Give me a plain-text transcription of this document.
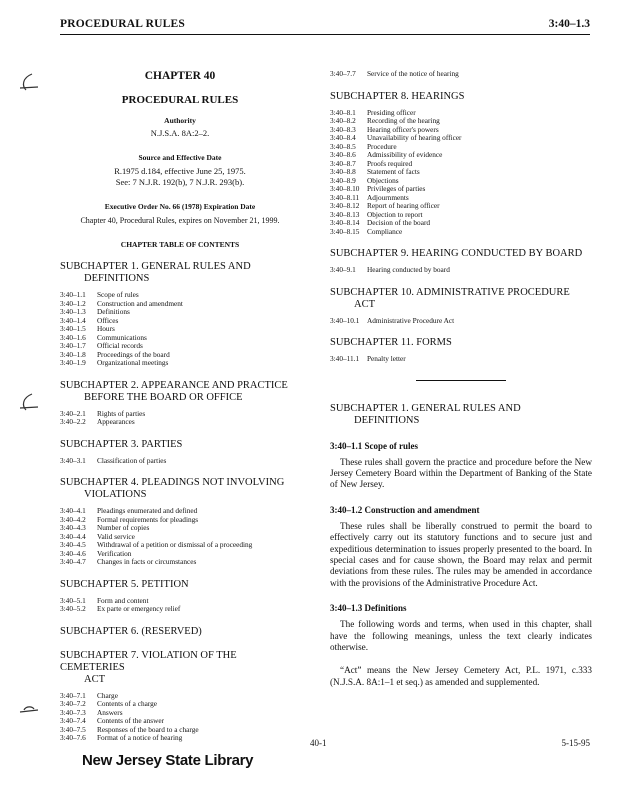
PROCEDURAL RULES	3:40–1.3
CHAPTER 40
PROCEDURAL RULES
Authority
N.J.S.A. 8A:2–2.
Source and Effective Date
R.1975 d.184, effective June 25, 1975.
See: 7 N.J.R. 192(b), 7 N.J.R. 293(b).
Executive Order No. 66 (1978) Expiration Date
Chapter 40, Procedural Rules, expires on November 21, 1999.
CHAPTER TABLE OF CONTENTS
SUBCHAPTER 1. GENERAL RULES AND
DEFINITIONS
3:40–1.1	Scope of rules
3:40–1.2	Construction and amendment
3:40–1.3	Definitions
3:40–1.4	Offices
3:40–1.5	Hours
3:40–1.6	Communications
3:40–1.7	Official records
3:40–1.8	Proceedings of the board
3:40–1.9	Organizational meetings
SUBCHAPTER 2. APPEARANCE AND PRACTICE
BEFORE THE BOARD OR OFFICE
3:40–2.1	Rights of parties
3:40–2.2	Appearances
SUBCHAPTER 3. PARTIES
3:40–3.1	Classification of parties
SUBCHAPTER 4. PLEADINGS NOT INVOLVING
VIOLATIONS
3:40–4.1	Pleadings enumerated and defined
3:40–4.2	Formal requirements for pleadings
3:40–4.3	Number of copies
3:40–4.4	Valid service
3:40–4.5	Withdrawal of a petition or dismissal of a proceeding
3:40–4.6	Verification
3:40–4.7	Changes in facts or circumstances
SUBCHAPTER 5. PETITION
3:40–5.1	Form and content
3:40–5.2	Ex parte or emergency relief
SUBCHAPTER 6. (RESERVED)
SUBCHAPTER 7. VIOLATION OF THE CEMETERIES
ACT
3:40–7.1	Charge
3:40–7.2	Contents of a charge
3:40–7.3	Answers
3:40–7.4	Contents of the answer
3:40–7.5	Responses of the board to a charge
3:40–7.6	Format of a notice of hearing
3:40–7.7	Service of the notice of hearing
SUBCHAPTER 8. HEARINGS
3:40–8.1	Presiding officer
3:40–8.2	Recording of the hearing
3:40–8.3	Hearing officer's powers
3:40–8.4	Unavailability of hearing officer
3:40–8.5	Procedure
3:40–8.6	Admissibility of evidence
3:40–8.7	Proofs required
3:40–8.8	Statement of facts
3:40–8.9	Objections
3:40–8.10	Privileges of parties
3:40–8.11	Adjournments
3:40–8.12	Report of hearing officer
3:40–8.13	Objection to report
3:40–8.14	Decision of the board
3:40–8.15	Compliance
SUBCHAPTER 9. HEARING CONDUCTED BY BOARD
3:40–9.1	Hearing conducted by board
SUBCHAPTER 10. ADMINISTRATIVE PROCEDURE
ACT
3:40–10.1	Administrative Procedure Act
SUBCHAPTER 11. FORMS
3:40–11.1	Penalty letter
SUBCHAPTER 1. GENERAL RULES AND
DEFINITIONS
3:40–1.1 Scope of rules
These rules shall govern the practice and procedure before the New Jersey Cemetery Board within the Department of Banking of the State of New Jersey.
3:40–1.2 Construction and amendment
These rules shall be liberally construed to permit the board to effectively carry out its statutory functions and to secure just and expeditious determination to issues properly presented to the board. In special cases and for cause shown, the Board may relax and permit deviations from these rules. The rules may be amended in accordance with the provisions of the Administrative Procedure Act.
3:40–1.3 Definitions
The following words and terms, when used in this chapter, shall have the following meanings, unless the text clearly indicates otherwise.
“Act” means the New Jersey Cemetery Act, P.L. 1971, c.333 (N.J.S.A. 8A:1–1 et seq.) as amended and supplemented.
40-1	5-15-95
New Jersey State Library
